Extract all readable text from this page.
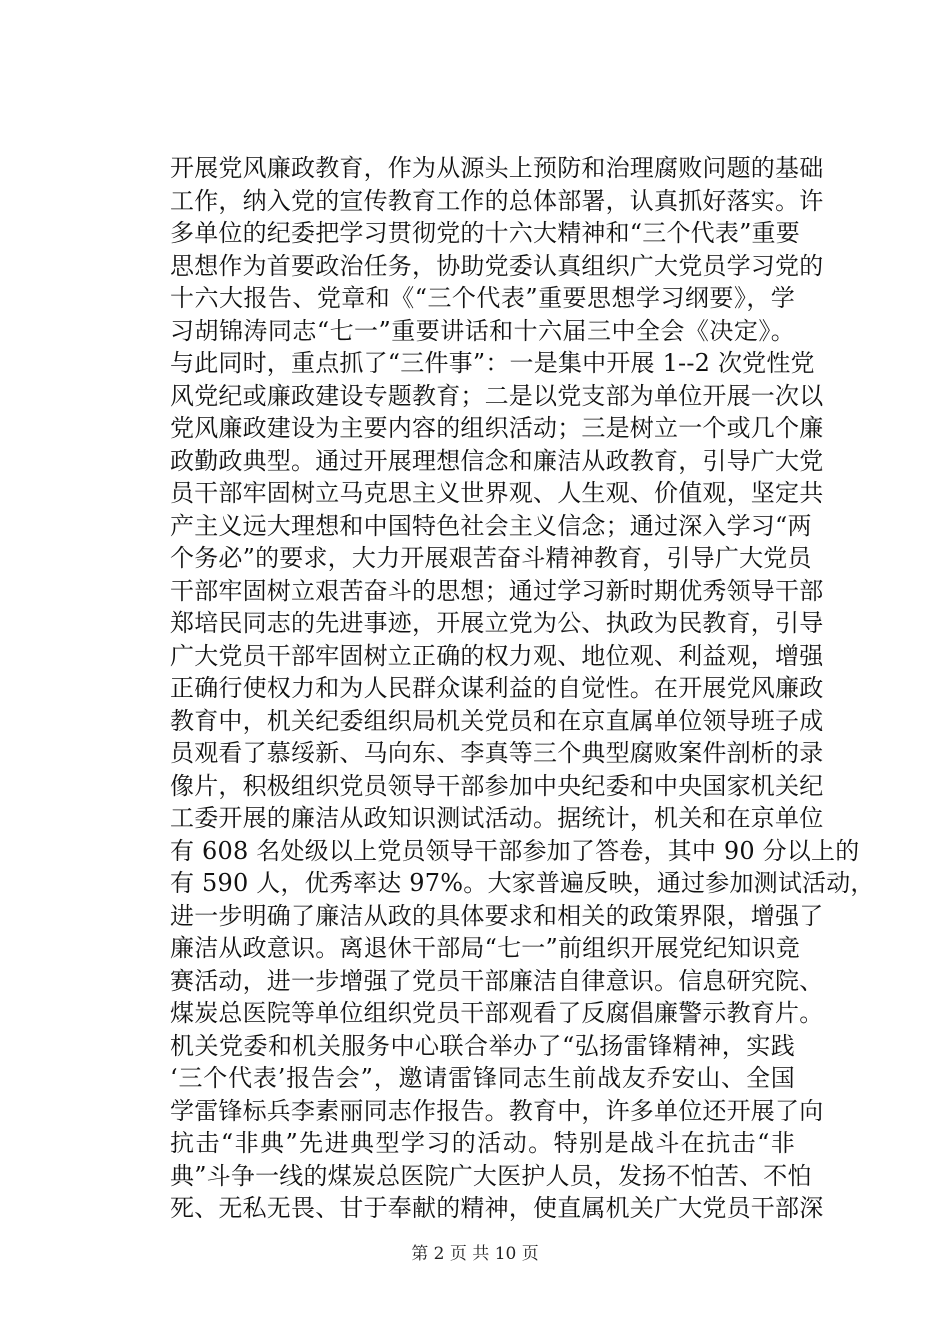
开展党风廉政教育，作为从源头上预防和治理腐败问题的基础
工作，纳入党的宣传教育工作的总体部署，认真抓好落实。许
多单位的纪委把学习贯彻党的十六大精神和“三个代表”重要
思想作为首要政治任务，协助党委认真组织广大党员学习党的
十六大报告、党章和《“三个代表”重要思想学习纲要》，学
习胡锦涛同志“七一”重要讲话和十六届三中全会《决定》。
与此同时，重点抓了“三件事”：一是集中开展 1--2 次党性党
风党纪或廉政建设专题教育；二是以党支部为单位开展一次以
党风廉政建设为主要内容的组织活动；三是树立一个或几个廉
政勤政典型。通过开展理想信念和廉洁从政教育，引导广大党
员干部牢固树立马克思主义世界观、人生观、价值观，坚定共
产主义远大理想和中国特色社会主义信念；通过深入学习“两
个务必”的要求，大力开展艰苦奋斗精神教育，引导广大党员
干部牢固树立艰苦奋斗的思想；通过学习新时期优秀领导干部
郑培民同志的先进事迹，开展立党为公、执政为民教育，引导
广大党员干部牢固树立正确的权力观、地位观、利益观，增强
正确行使权力和为人民群众谋利益的自觉性。在开展党风廉政
教育中，机关纪委组织局机关党员和在京直属单位领导班子成
员观看了慕绥新、马向东、李真等三个典型腐败案件剖析的录
像片，积极组织党员领导干部参加中央纪委和中央国家机关纪
工委开展的廉洁从政知识测试活动。据统计，机关和在京单位
有 608 名处级以上党员领导干部参加了答卷，其中 90 分以上的
有 590 人，优秀率达 97%。大家普遍反映，通过参加测试活动，
进一步明确了廉洁从政的具体要求和相关的政策界限，增强了
廉洁从政意识。离退休干部局“七一”前组织开展党纪知识竞
赛活动，进一步增强了党员干部廉洁自律意识。信息研究院、
煤炭总医院等单位组织党员干部观看了反腐倡廉警示教育片。
机关党委和机关服务中心联合举办了“弘扬雷锋精神，实践
‘三个代表’报告会”，邀请雷锋同志生前战友乔安山、全国
学雷锋标兵李素丽同志作报告。教育中，许多单位还开展了向
抗击“非典”先进典型学习的活动。特别是战斗在抗击“非
典”斗争一线的煤炭总医院广大医护人员，发扬不怕苦、不怕
死、无私无畏、甘于奉献的精神，使直属机关广大党员干部深
第 2 页 共 10 页
